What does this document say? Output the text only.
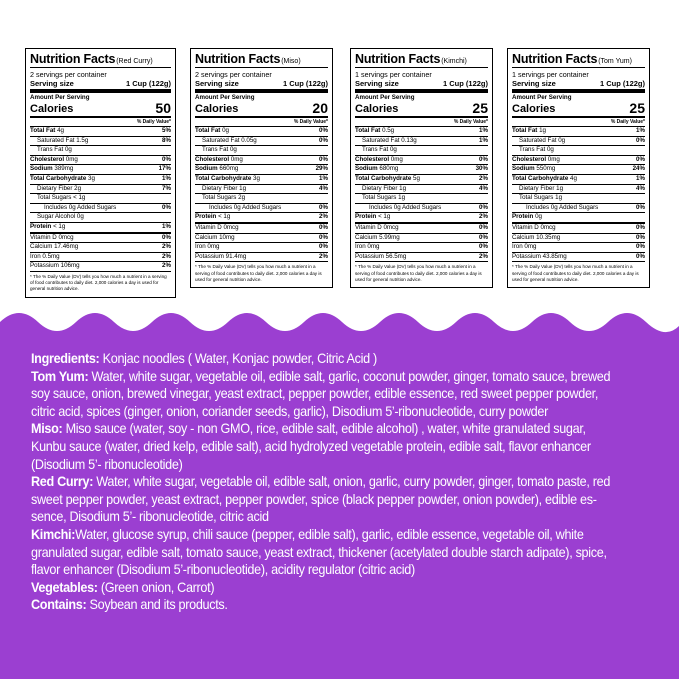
Nutrition Facts (Red Curry)
2 servings per container
Serving size	1 Cup (122g)
Amount Per Serving
Calories	50
% Daily Value*
Total Fat 4g	5%
Saturated Fat 1.5g	8%
Trans Fat 0g
Cholesterol 0mg	0%
Sodium 389mg	17%
Total Carbohydrate 3g	1%
Dietary Fiber 2g	7%
Total Sugars < 1g
Includes 0g Added Sugars	0%
Sugar Alcohol 0g
Protein < 1g	1%
Vitamin D 0mcg	0%
Calcium 17.46mg	2%
Iron 0.5mg	2%
Potassium 106mg	2%
* The % Daily Value (DV) tells you how much a nutrient in a serving of food contributes to daily diet. 2,000 calories a day is used for general nutrition advice.
Nutrition Facts (Miso)
2 servings per container
Serving size	1 Cup (122g)
Amount Per Serving
Calories	20
% Daily Value*
Total Fat 0g	0%
Saturated Fat 0.05g	0%
Trans Fat 0g
Cholesterol 0mg	0%
Sodium 660mg	29%
Total Carbohydrate 3g	1%
Dietary Fiber 1g	4%
Total Sugars 2g
Includes 0g Added Sugars	0%
Protein < 1g	2%
Vitamin D 0mcg	0%
Calcium 10mg	0%
Iron 0mg	0%
Potassium 91.4mg	2%
* The % Daily Value (DV) tells you how much a nutrient in a serving of food contributes to daily diet. 2,000 calories a day is used for general nutrition advice.
Nutrition Facts (Kimchi)
1 servings per container
Serving size	1 Cup (122g)
Amount Per Serving
Calories	25
% Daily Value*
Total Fat 0.5g	1%
Saturated Fat 0.13g	1%
Trans Fat 0g
Cholesterol 0mg	0%
Sodium 680mg	30%
Total Carbohydrate 5g	2%
Dietary Fiber 1g	4%
Total Sugars 1g
Includes 0g Added Sugars	0%
Protein < 1g	2%
Vitamin D 0mcg	0%
Calcium 5.99mg	0%
Iron 0mg	0%
Potassium 56.5mg	2%
* The % Daily Value (DV) tells you how much a nutrient in a serving of food contributes to daily diet. 2,000 calories a day is used for general nutrition advice.
Nutrition Facts (Tom Yum)
1 servings per container
Serving size	1 Cup (122g)
Amount Per Serving
Calories	25
% Daily Value*
Total Fat 1g	1%
Saturated Fat 0g	0%
Trans Fat 0g
Cholesterol 0mg	0%
Sodium 550mg	24%
Total Carbohydrate 4g	1%
Dietary Fiber 1g	4%
Total Sugars 1g
Includes 0g Added Sugars	0%
Protein 0g
Vitamin D 0mcg	0%
Calcium 10.35mg	0%
Iron 0mg	0%
Potassium 43.85mg	0%
* The % Daily Value (DV) tells you how much a nutrient in a serving of food contributes to daily diet. 2,000 calories a day is used for general nutrition advice.

Ingredients: Konjac noodles ( Water, Konjac powder, Citric Acid )

Tom Yum: Water, white sugar, vegetable oil, edible salt, garlic, coconut powder, ginger, tomato sauce, brewed soy sauce, onion, brewed vinegar, yeast extract, pepper powder, edible essence, red sweet pepper powder, citric acid, spices (ginger, onion, coriander seeds, garlic), Disodium 5’-ribonucleotide, curry powder

Miso: Miso sauce (water, soy - non GMO, rice, edible salt, edible alcohol) , water, white granulated sugar, Kunbu sauce (water, dried kelp, edible salt), acid hydrolyzed vegetable protein, edible salt, flavor enhancer (Disodium 5’- ribonucleotide)

Red Curry: Water, white sugar, vegetable oil, edible salt, onion, garlic, curry powder, ginger, tomato paste, red sweet pepper powder, yeast extract, pepper powder, spice (black pepper powder, onion powder), edible es- sence, Disodium 5’- ribonucleotide, citric acid

Kimchi:Water, glucose syrup, chili sauce (pepper, edible salt), garlic, edible essence, vegetable oil, white granulated sugar, edible salt, tomato sauce, yeast extract, thickener (acetylated double starch adipate), spice, flavor enhancer (Disodium 5’-ribonucleotide), acidity regulator (citric acid)

Vegetables: (Green onion, Carrot)

Contains: Soybean and its products.
